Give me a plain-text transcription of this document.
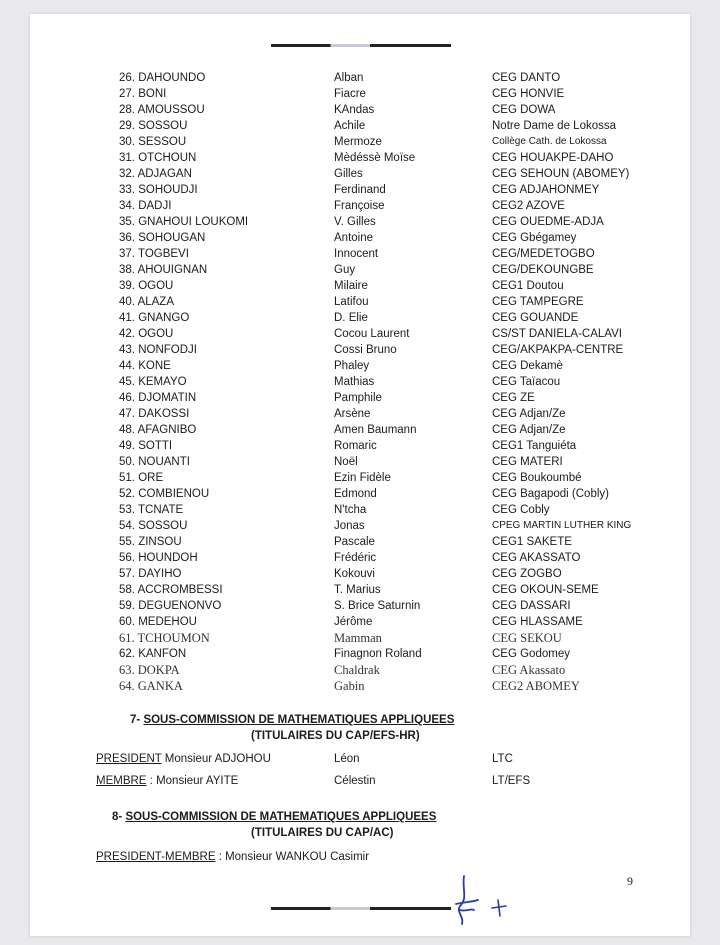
26. DAHOUNDO	Alban	CEG DANTO
27. BONI	Fiacre	CEG HONVIE
28. AMOUSSOU	KAndas	CEG DOWA
29. SOSSOU	Achile	Notre Dame de Lokossa
30. SESSOU	Mermoze	Collège Cath. de Lokossa
31. OTCHOUN	Mèdéssè Moïse	CEG HOUAKPE-DAHO
32. ADJAGAN	Gilles	CEG SEHOUN (ABOMEY)
33. SOHOUDJI	Ferdinand	CEG ADJAHONMEY
34. DADJI	Françoise	CEG2 AZOVE
35. GNAHOUI LOUKOMI	V. Gilles	CEG OUEDME-ADJA
36. SOHOUGAN	Antoine	CEG Gbégamey
37. TOGBEVI	Innocent	CEG/MEDETOGBO
38. AHOUIGNAN	Guy	CEG/DEKOUNGBE
39. OGOU	Milaire	CEG1 Doutou
40. ALAZA	Latifou	CEG TAMPEGRE
41. GNANGO	D. Elie	CEG GOUANDE
42. OGOU	Cocou Laurent	CS/ST DANIELA-CALAVI
43. NONFODJI	Cossi Bruno	CEG/AKPAKPA-CENTRE
44. KONE	Phaley	CEG Dekamè
45. KEMAYO	Mathias	CEG Taïacou
46. DJOMATIN	Pamphile	CEG ZE
47. DAKOSSI	Arsène	CEG Adjan/Ze
48. AFAGNIBO	Amen Baumann	CEG Adjan/Ze
49. SOTTI	Romaric	CEG1 Tanguiéta
50. NOUANTI	Noël	CEG MATERI
51. ORE	Ezin Fidèle	CEG Boukoumbé
52. COMBIENOU	Edmond	CEG Bagapodi (Cobly)
53. TCNATE	N'tcha	CEG Cobly
54. SOSSOU	Jonas	CPEG MARTIN LUTHER KING
55. ZINSOU	Pascale	CEG1 SAKETE
56. HOUNDOH	Frédéric	CEG AKASSATO
57. DAYIHO	Kokouvi	CEG ZOGBO
58. ACCROMBESSI	T. Marius	CEG OKOUN-SEME
59. DEGUENONVO	S. Brice Saturnin	CEG DASSARI
60. MEDEHOU	Jérôme	CEG HLASSAME
61. TCHOUMON	Mamman	CEG SEKOU
62. KANFON	Finagnon Roland	CEG Godomey
63. DOKPA	Chaldrak	CEG Akassato
64. GANKA	Gabin	CEG2 ABOMEY
7- SOUS-COMMISSION DE MATHEMATIQUES APPLIQUEES
(TITULAIRES DU CAP/EFS-HR)
PRESIDENT Monsieur ADJOHOU	Léon	LTC
MEMBRE : Monsieur AYITE	Célestin	LT/EFS
8- SOUS-COMMISSION DE MATHEMATIQUES APPLIQUEES
(TITULAIRES DU CAP/AC)
PRESIDENT-MEMBRE : Monsieur WANKOU Casimir
9
